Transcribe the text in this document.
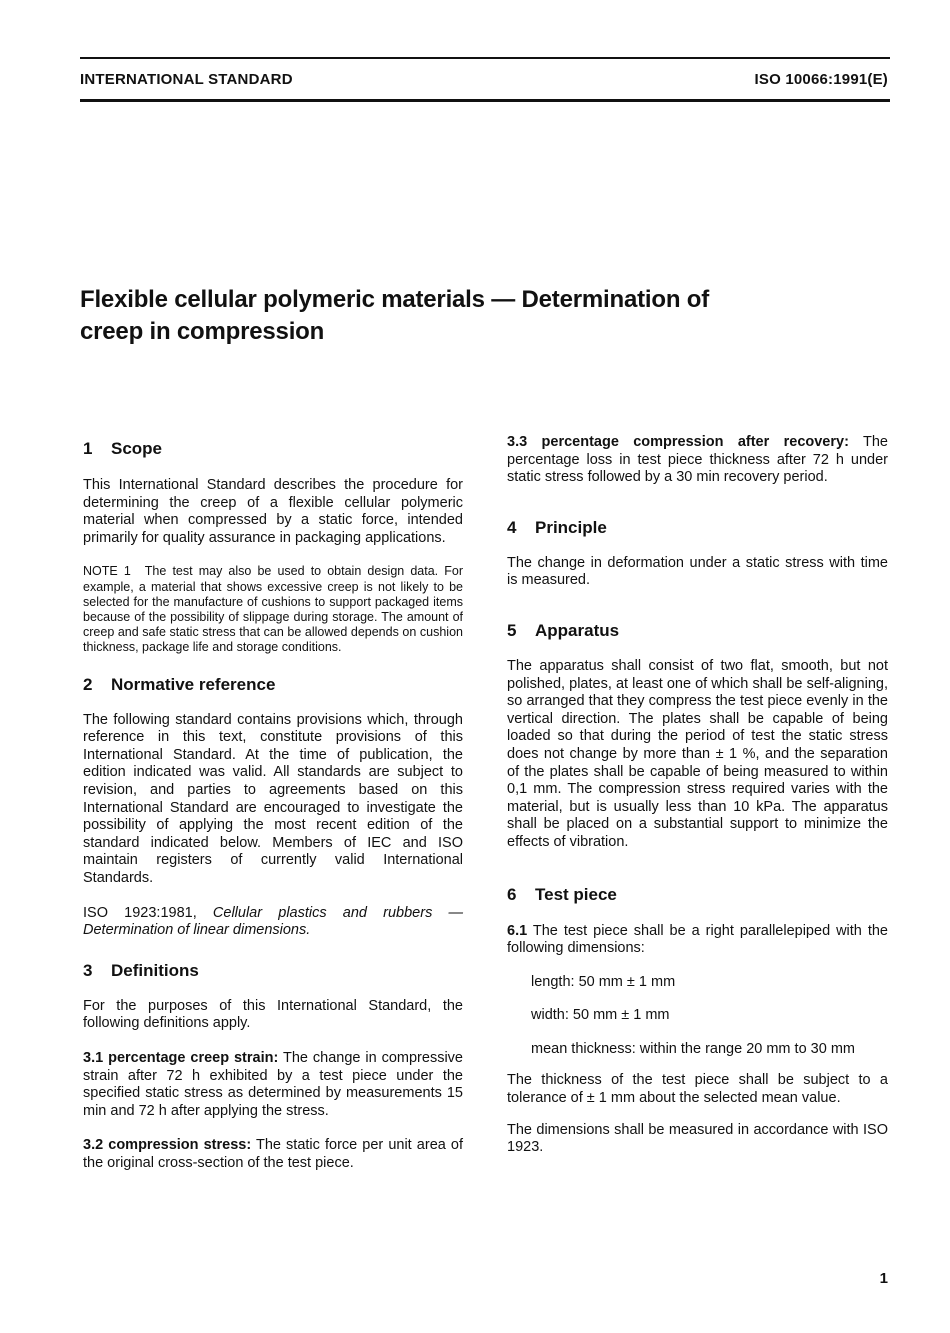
INTERNATIONAL STANDARD	ISO 10066:1991(E)
Flexible cellular polymeric materials — Determination of
creep in compression
1 Scope

This International Standard describes the procedure for determining the creep of a flexible cellular polymeric material when compressed by a static force, intended primarily for quality assurance in packaging applications.

NOTE 1 The test may also be used to obtain design data. For example, a material that shows excessive creep is not likely to be selected for the manufacture of cushions to support packaged items because of the possibility of slippage during storage. The amount of creep and safe static stress that can be allowed depends on cushion thickness, package life and storage conditions.

2 Normative reference

The following standard contains provisions which, through reference in this text, constitute provisions of this International Standard. At the time of publication, the edition indicated was valid. All standards are subject to revision, and parties to agreements based on this International Standard are encouraged to investigate the possibility of applying the most recent edition of the standard indicated below. Members of IEC and ISO maintain registers of currently valid International Standards.

ISO 1923:1981, Cellular plastics and rubbers — Determination of linear dimensions.

3 Definitions

For the purposes of this International Standard, the following definitions apply.

3.1 percentage creep strain: The change in compressive strain after 72 h exhibited by a test piece under the specified static stress as determined by measurements 15 min and 72 h after applying the stress.

3.2 compression stress: The static force per unit area of the original cross-section of the test piece.

3.3 percentage compression after recovery: The percentage loss in test piece thickness after 72 h under static stress followed by a 30 min recovery period.

4 Principle

The change in deformation under a static stress with time is measured.

5 Apparatus

The apparatus shall consist of two flat, smooth, but not polished, plates, at least one of which shall be self-aligning, so arranged that they compress the test piece evenly in the vertical direction. The plates shall be capable of being loaded so that during the period of test the static stress does not change by more than ± 1 %, and the separation of the plates shall be capable of being measured to within 0,1 mm. The compression stress required varies with the material, but is usually less than 10 kPa. The apparatus shall be placed on a substantial support to minimize the effects of vibration.

6 Test piece

6.1 The test piece shall be a right parallelepiped with the following dimensions:

length: 50 mm ± 1 mm

width: 50 mm ± 1 mm

mean thickness: within the range 20 mm to 30 mm

The thickness of the test piece shall be subject to a tolerance of ± 1 mm about the selected mean value.

The dimensions shall be measured in accordance with ISO 1923.

1
